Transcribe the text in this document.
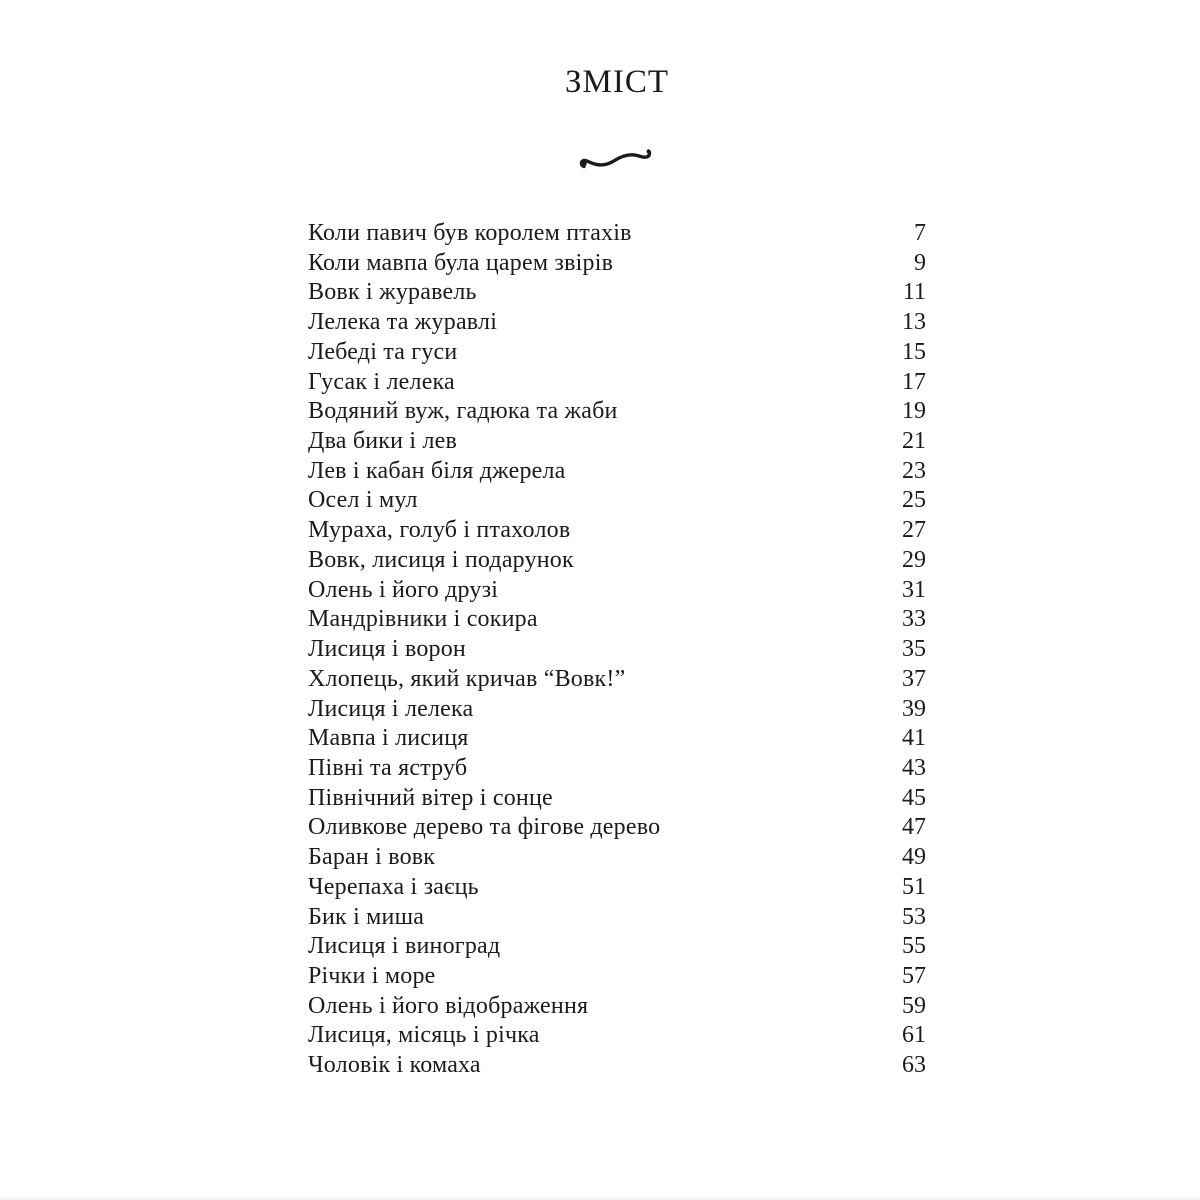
ЗМІСТ
Коли павич був королем птахів	7
Коли мавпа була царем звірів	9
Вовк і журавель	11
Лелека та журавлі	13
Лебеді та гуси	15
Гусак і лелека	17
Водяний вуж, гадюка та жаби	19
Два бики і лев	21
Лев і кабан біля джерела	23
Осел і мул	25
Мураха, голуб і птахолов	27
Вовк, лисиця і подарунок	29
Олень і його друзі	31
Мандрівники і сокира	33
Лисиця і ворон	35
Хлопець, який кричав “Вовк!”	37
Лисиця і лелека	39
Мавпа і лисиця	41
Півні та яструб	43
Північний вітер і сонце	45
Оливкове дерево та фігове дерево	47
Баран і вовк	49
Черепаха і заєць	51
Бик і миша	53
Лисиця і виноград	55
Річки і море	57
Олень і його відображення	59
Лисиця, місяць і річка	61
Чоловік і комаха	63
